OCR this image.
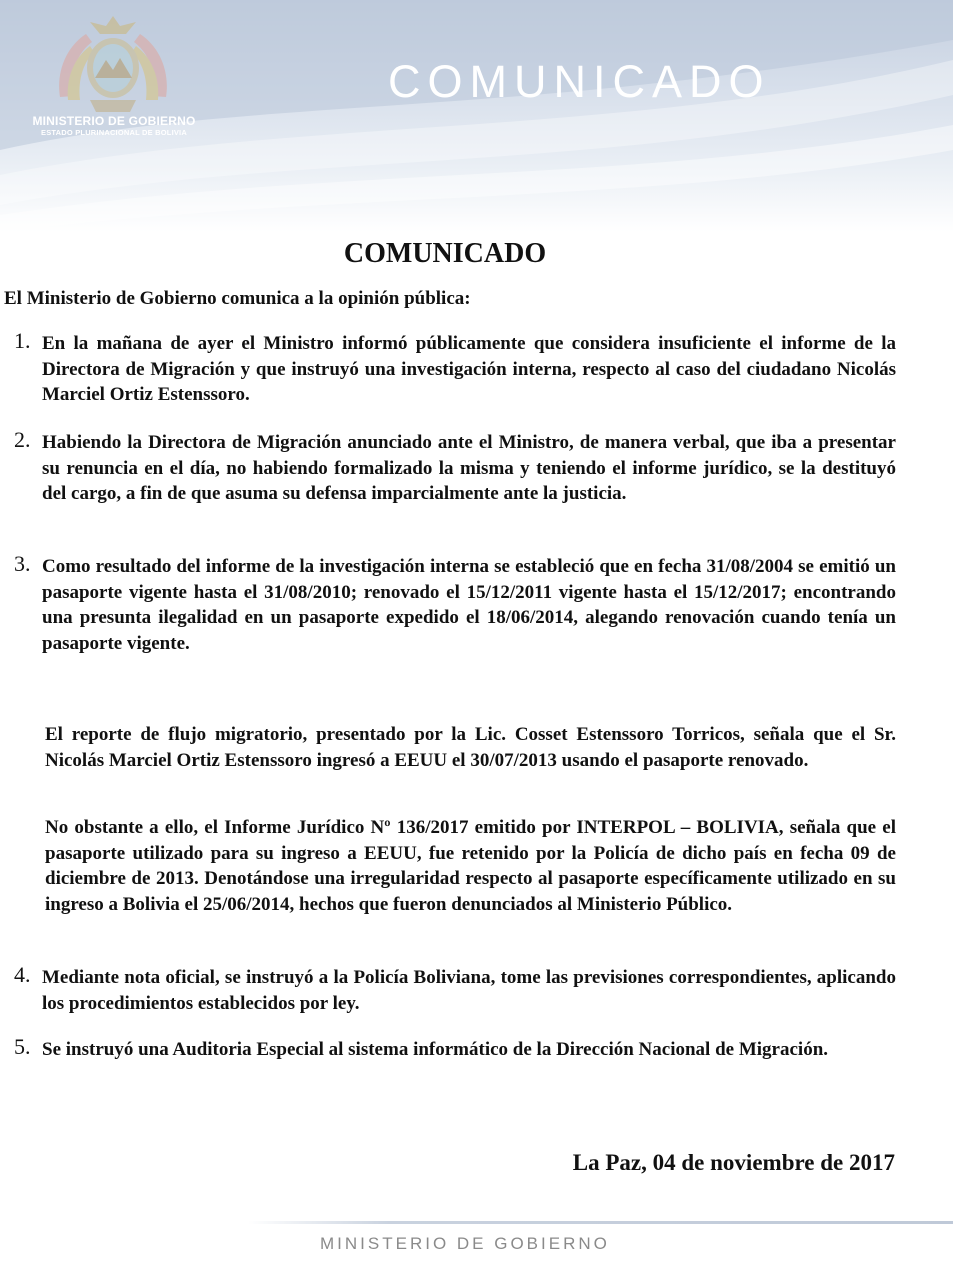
MINISTERIO DE GOBIERNO
ESTADO PLURINACIONAL DE BOLIVIA
COMUNICADO
COMUNICADO
El Ministerio de Gobierno comunica a la opinión pública:
1. En la mañana de ayer el Ministro informó públicamente que considera insuficiente el informe de la Directora de Migración y que instruyó una investigación interna, respecto al caso del ciudadano Nicolás Marciel Ortiz Estenssoro.

2. Habiendo la Directora de Migración anunciado ante el Ministro, de manera verbal, que iba a presentar su renuncia en el día, no habiendo formalizado la misma y teniendo el informe jurídico, se la destituyó del cargo, a fin de que asuma su defensa imparcialmente ante la justicia.

3. Como resultado del informe de la investigación interna se estableció que en fecha 31/08/2004 se emitió un pasaporte vigente hasta el 31/08/2010; renovado el 15/12/2011 vigente hasta el 15/12/2017; encontrando una presunta ilegalidad en un pasaporte expedido el 18/06/2014, alegando renovación cuando tenía un pasaporte vigente.

El reporte de flujo migratorio, presentado por la Lic. Cosset Estenssoro Torricos, señala que el Sr. Nicolás Marciel Ortiz Estenssoro ingresó a EEUU el 30/07/2013 usando el pasaporte renovado.

No obstante a ello, el Informe Jurídico Nº 136/2017 emitido por INTERPOL – BOLIVIA, señala que el pasaporte utilizado para su ingreso a EEUU, fue retenido por la Policía de dicho país en fecha 09 de diciembre de 2013. Denotándose una irregularidad respecto al pasaporte específicamente utilizado en su ingreso a Bolivia el 25/06/2014, hechos que fueron denunciados al Ministerio Público.

4. Mediante nota oficial, se instruyó a la Policía Boliviana, tome las previsiones correspondientes, aplicando los procedimientos establecidos por ley.

5. Se instruyó una Auditoria Especial al sistema informático de la Dirección Nacional de Migración.

La Paz, 04 de noviembre de 2017
MINISTERIO DE GOBIERNO
